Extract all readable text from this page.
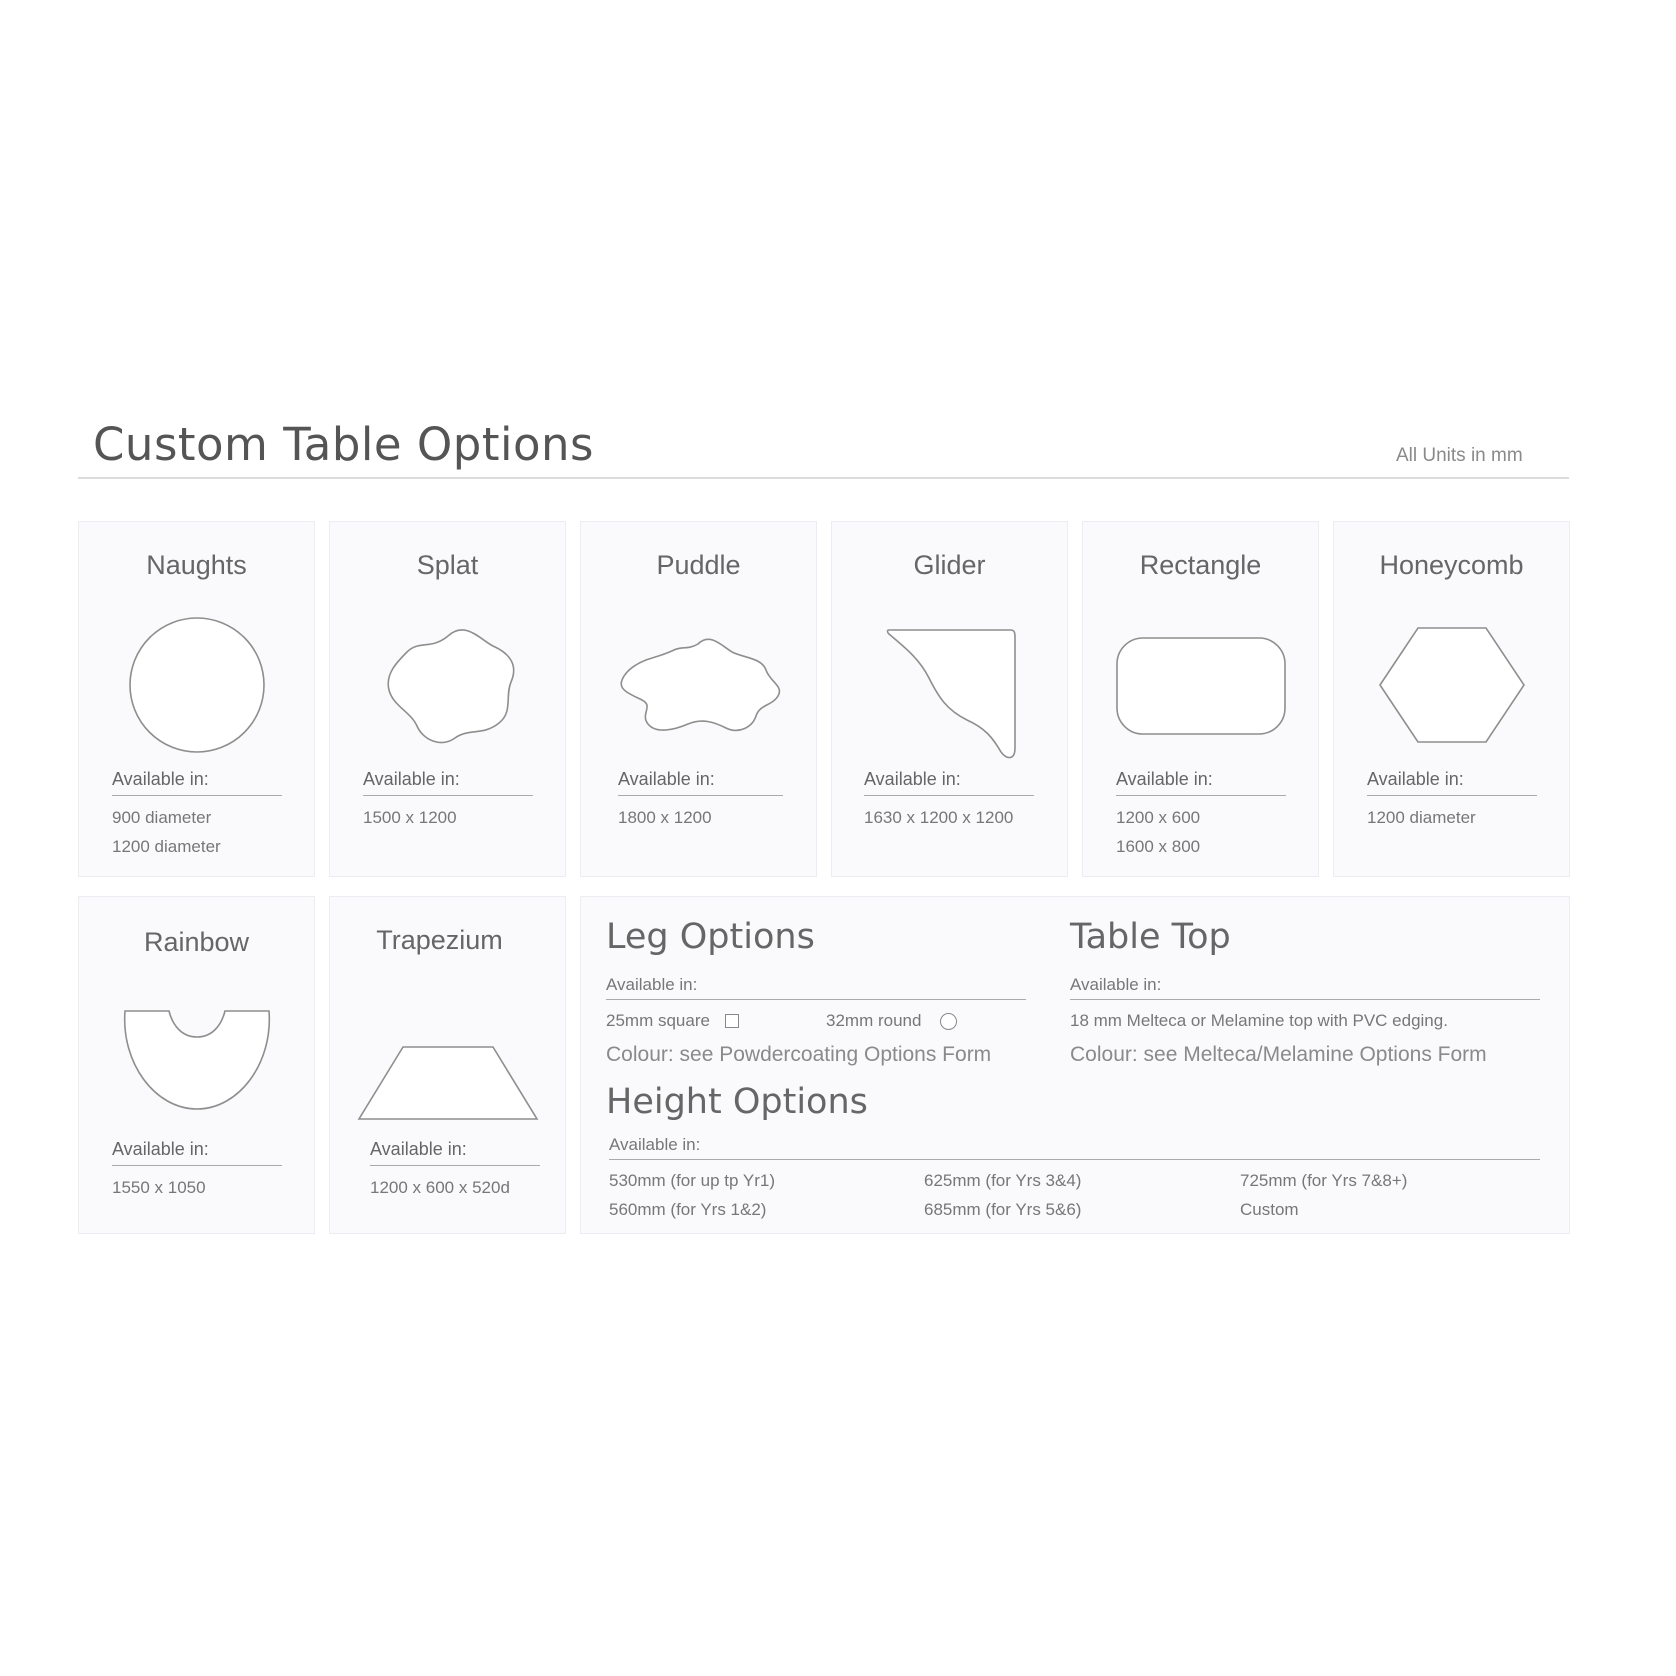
Custom Table Options	All Units in mm
Naughts
Available in:
900 diameter
1200 diameter
Splat
Available in:
1500 x 1200
Puddle
Available in:
1800 x 1200
Glider
Available in:
1630 x 1200 x 1200
Rectangle
Available in:
1200 x 600
1600 x 800
Honeycomb
Available in:
1200 diameter
Rainbow
Available in:
1550 x 1050
Trapezium
Available in:
1200 x 600 x 520d
Leg Options
Available in:
25mm square	32mm round
Colour: see Powdercoating Options Form
Table Top
Available in:
18 mm Melteca or Melamine top with PVC edging.
Colour: see Melteca/Melamine Options Form
Height Options
Available in:
530mm (for up tp Yr1)
560mm (for Yrs 1&2)
625mm (for Yrs 3&4)
685mm (for Yrs 5&6)
725mm (for Yrs 7&8+)
Custom
